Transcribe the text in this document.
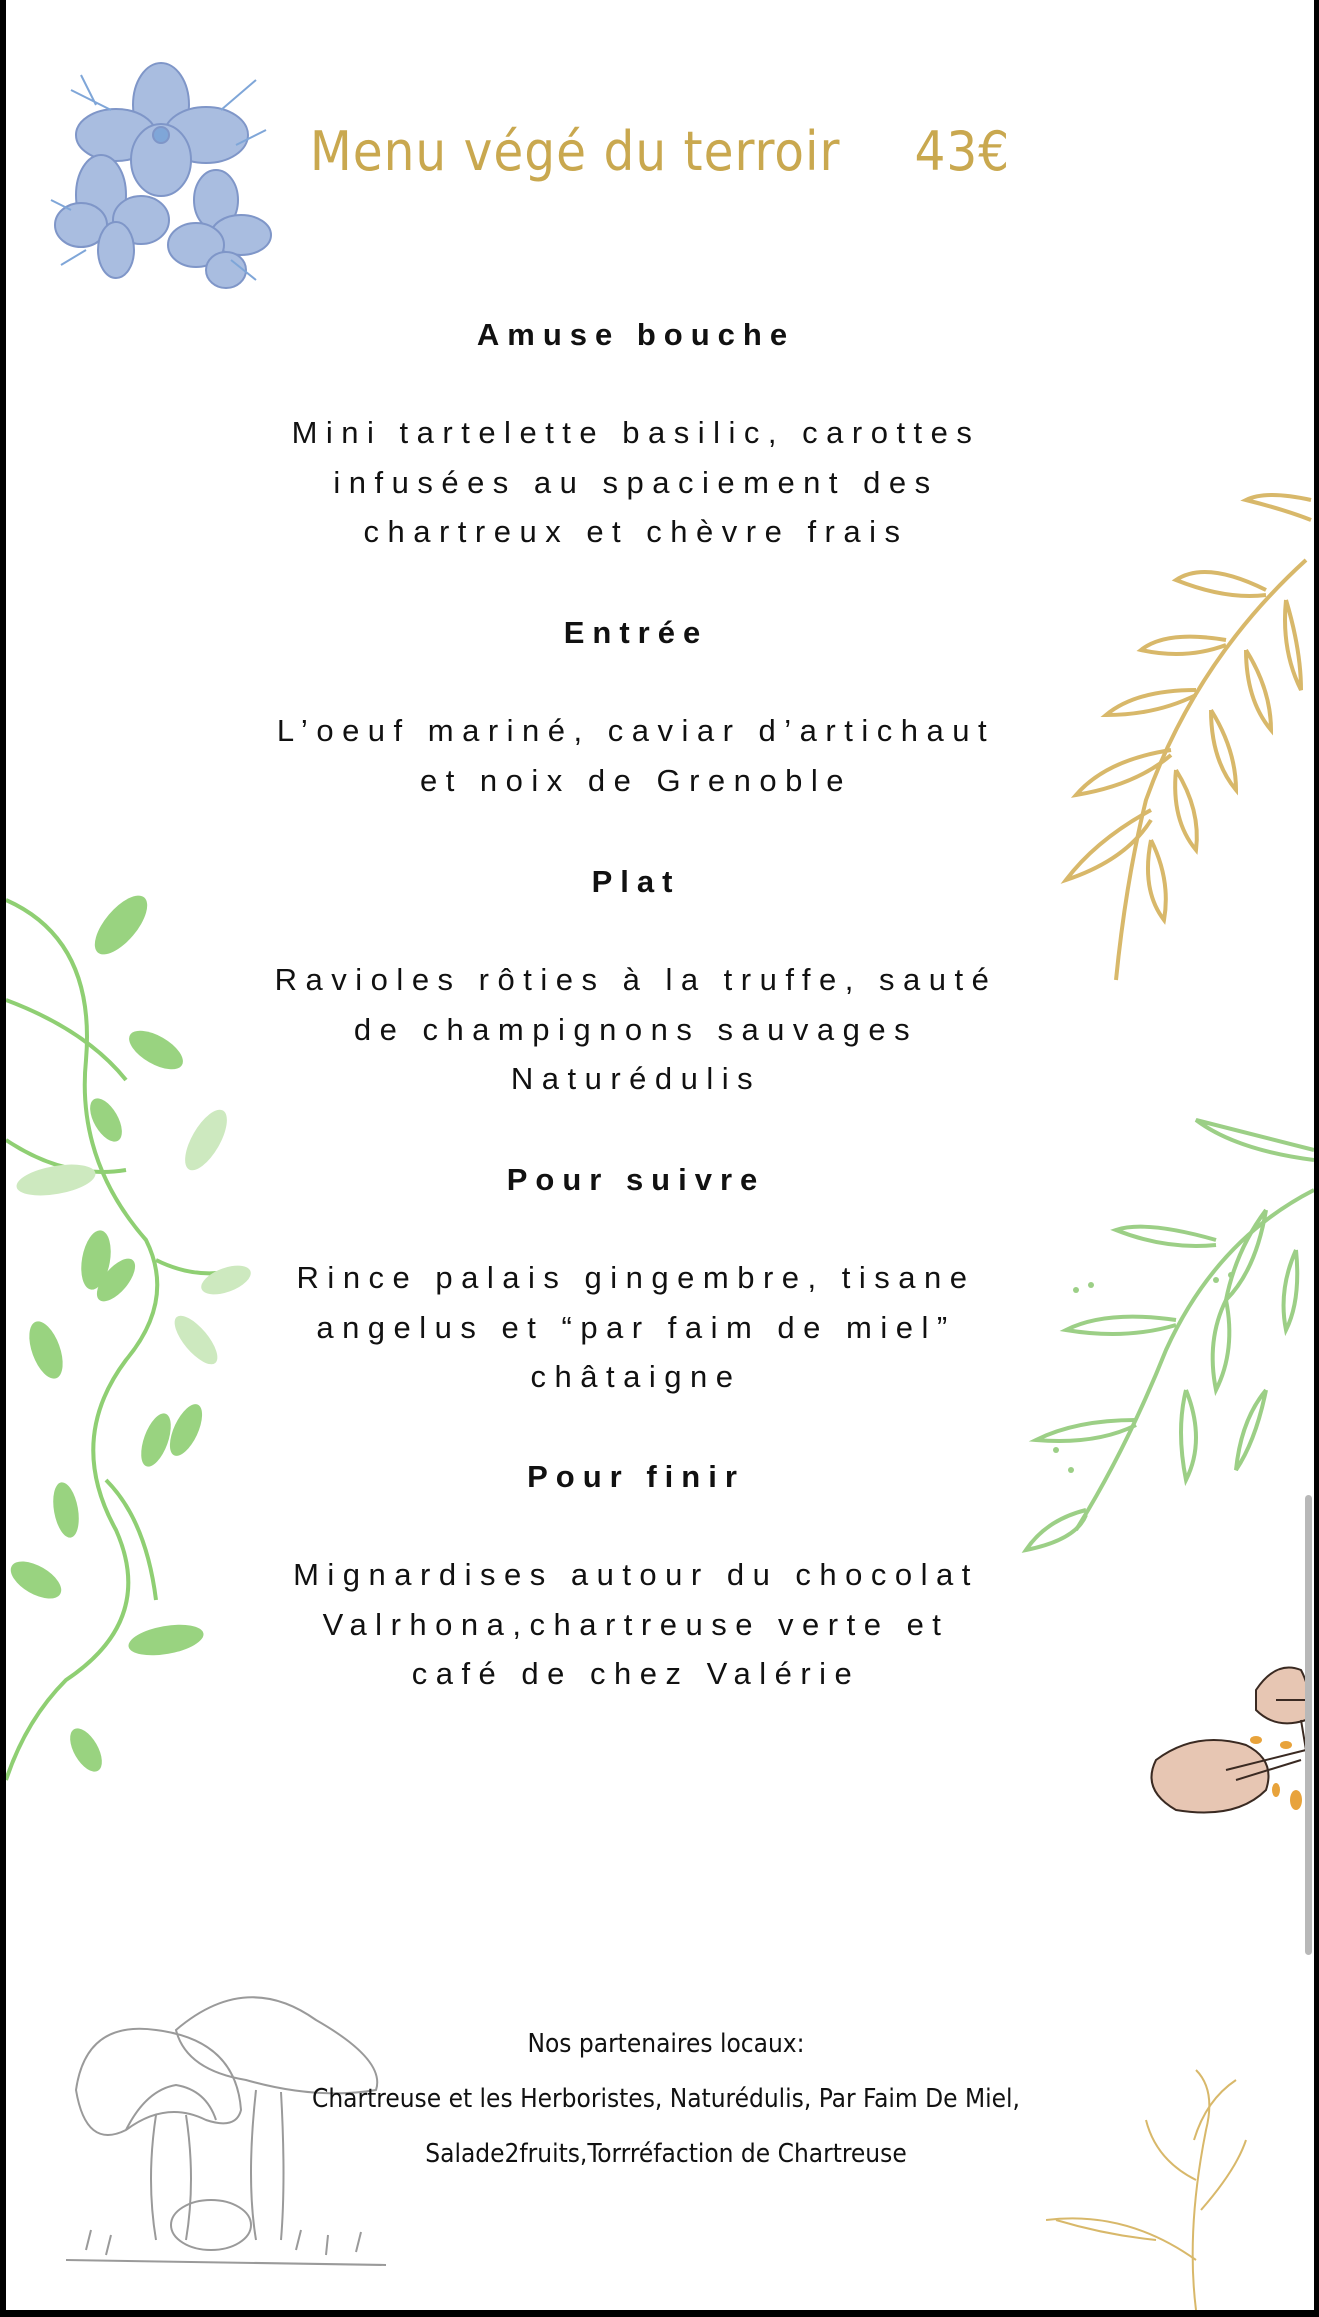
Menu végé du terroir 43€
Amuse bouche
Mini tartelette basilic, carottes
infusées au spaciement des
chartreux et chèvre frais
Entrée
L’oeuf mariné, caviar d’artichaut
et noix de Grenoble
Plat
Ravioles rôties à la truffe, sauté
de champignons sauvages
Naturédulis
Pour suivre
Rince palais gingembre, tisane
angelus et “par faim de miel”
châtaigne
Pour finir
Mignardises autour du chocolat
Valrhona,chartreuse verte et
café de chez Valérie
Nos partenaires locaux:
Chartreuse et les Herboristes, Naturédulis, Par Faim De Miel,
Salade2fruits,Torrréfaction de Chartreuse
